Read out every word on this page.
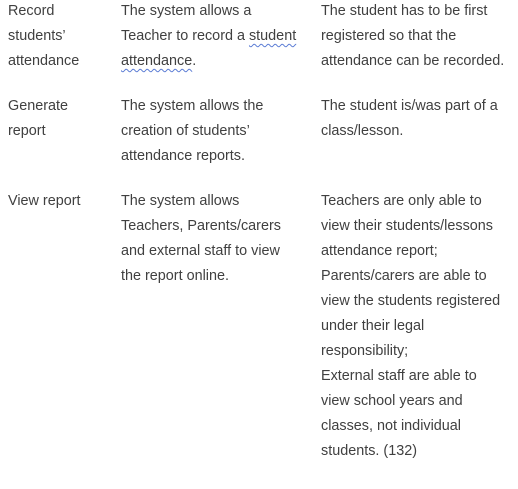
Record
students’
attendance
The system allows a
Teacher to record a student
attendance.
The student has to be first
registered so that the
attendance can be recorded.
Generate
report
The system allows the
creation of students’
attendance reports.
The student is/was part of a
class/lesson.
View report	The system allows
Teachers, Parents/carers
and external staff to view
the report online.
Teachers are only able to
view their students/lessons
attendance report;
Parents/carers are able to
view the students registered
under their legal
responsibility;
External staff are able to
view school years and
classes, not individual
students. (132)
